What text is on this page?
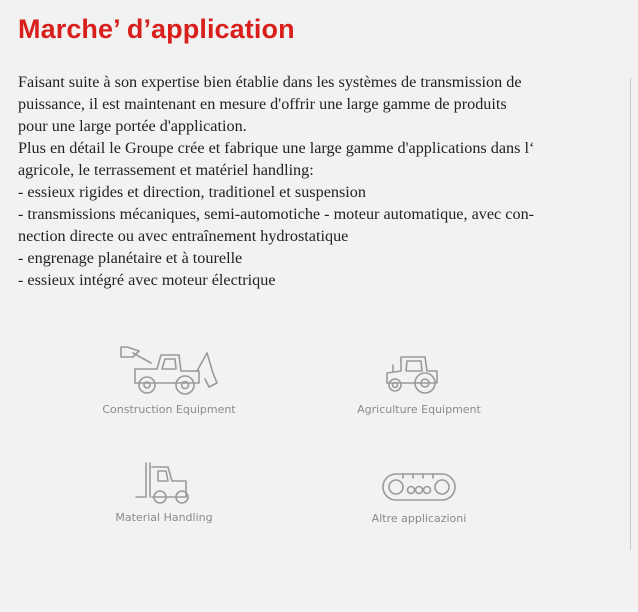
Marche’ d’application
Faisant suite à son expertise bien établie dans les systèmes de transmission de
puissance, il est maintenant en mesure d'offrir une large gamme de produits
pour une large portée d'application.
Plus en détail le Groupe crée et fabrique une large gamme d'applications dans l‘
agricole, le terrassement et matériel handling:
- essieux rigides et direction, traditionel et suspension
- transmissions mécaniques, semi-automotiche - moteur automatique, avec con-
nection directe ou avec entraînement hydrostatique
- engrenage planétaire et à tourelle
- essieux intégré avec moteur électrique
Construction Equipment	Agriculture Equipment
Material Handling	Altre applicazioni
